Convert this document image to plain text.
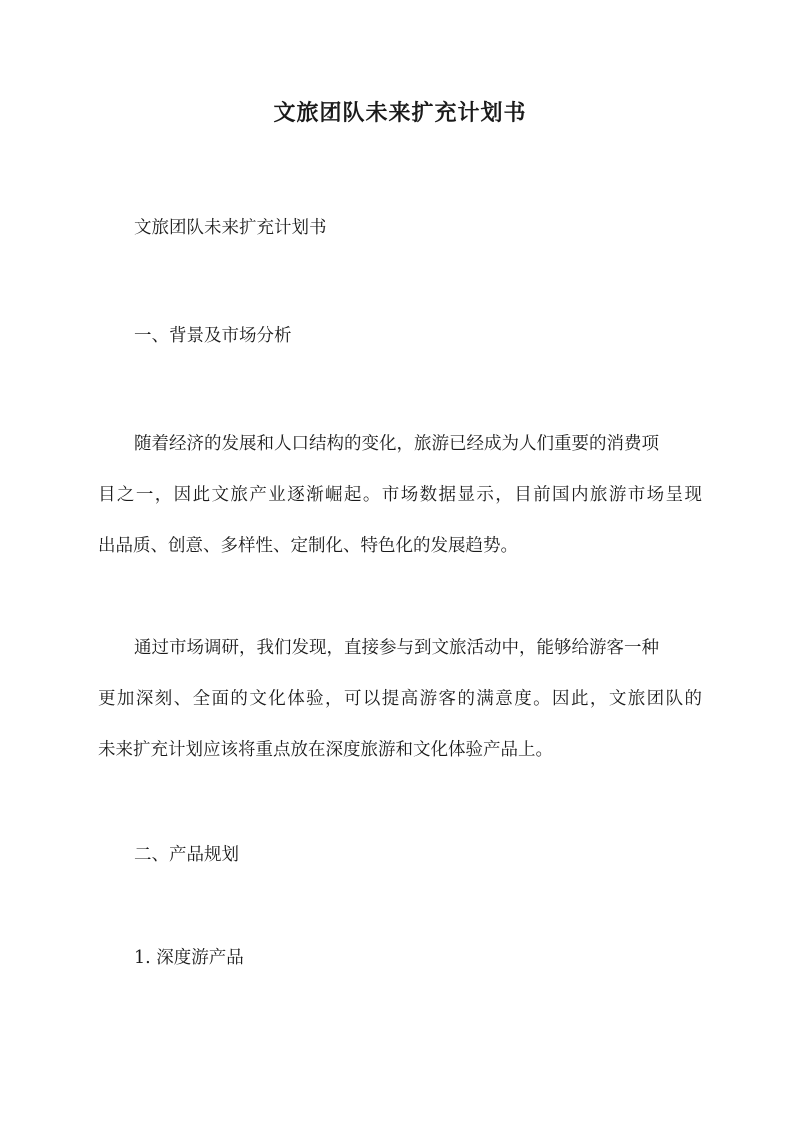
文旅团队未来扩充计划书
文旅团队未来扩充计划书
一、背景及市场分析
随着经济的发展和人口结构的变化，旅游已经成为人们重要的消费项
目之一，因此文旅产业逐渐崛起。市场数据显示，目前国内旅游市场呈现
出品质、创意、多样性、定制化、特色化的发展趋势。
通过市场调研，我们发现，直接参与到文旅活动中，能够给游客一种
更加深刻、全面的文化体验，可以提高游客的满意度。因此，文旅团队的
未来扩充计划应该将重点放在深度旅游和文化体验产品上。
二、产品规划
1. 深度游产品
